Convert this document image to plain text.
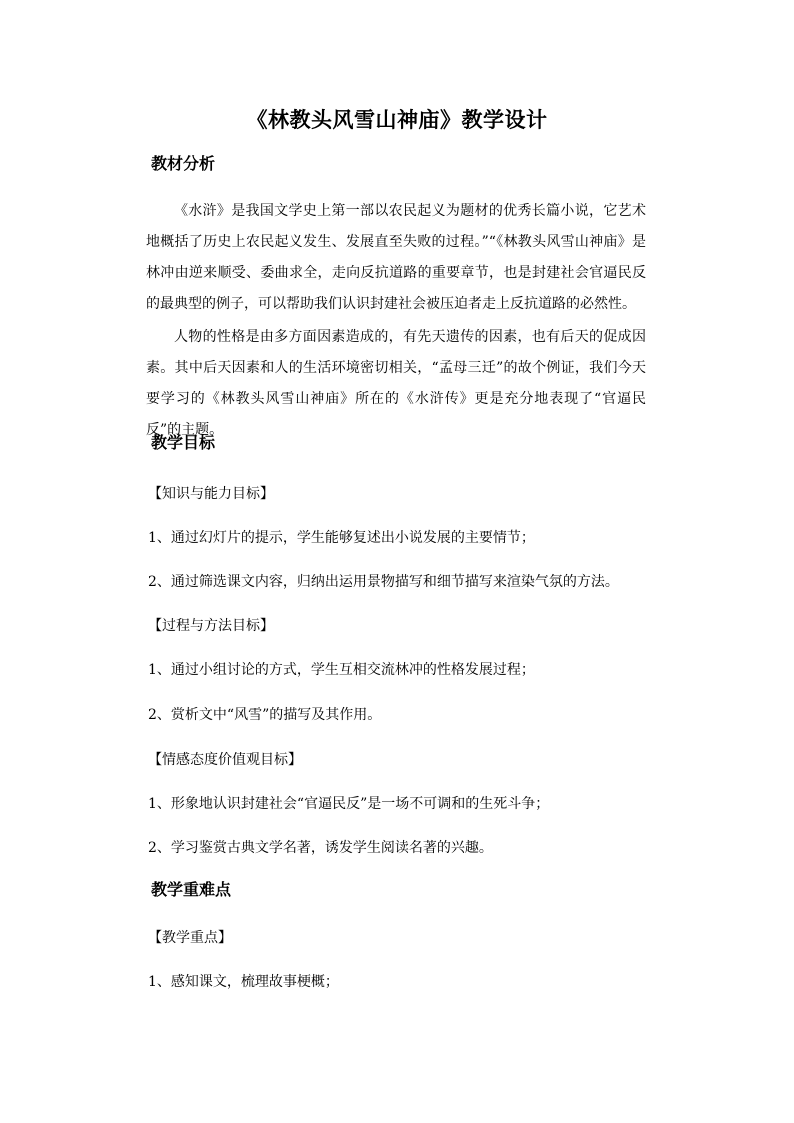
《林教头风雪山神庙》教学设计
教材分析

《水浒》是我国文学史上第一部以农民起义为题材的优秀长篇小说，它艺术地概括了历史上农民起义发生、发展直至失败的过程。”“《林教头风雪山神庙》是林冲由逆来顺受、委曲求全，走向反抗道路的重要章节，也是封建社会官逼民反的最典型的例子，可以帮助我们认识封建社会被压迫者走上反抗道路的必然性。

人物的性格是由多方面因素造成的，有先天遗传的因素，也有后天的促成因素。其中后天因素和人的生活环境密切相关，“孟母三迁”的故个例证，我们今天要学习的《林教头风雪山神庙》所在的《水浒传》更是充分地表现了“官逼民反”的主题。

教学目标

【知识与能力目标】

1、通过幻灯片的提示，学生能够复述出小说发展的主要情节；

2、通过筛选课文内容，归纳出运用景物描写和细节描写来渲染气氛的方法。

【过程与方法目标】

1、通过小组讨论的方式，学生互相交流林冲的性格发展过程；

2、赏析文中“风雪”的描写及其作用。

【情感态度价值观目标】

1、形象地认识封建社会“官逼民反”是一场不可调和的生死斗争；

2、学习鉴赏古典文学名著，诱发学生阅读名著的兴趣。

教学重难点

【教学重点】

1、感知课文，梳理故事梗概；
